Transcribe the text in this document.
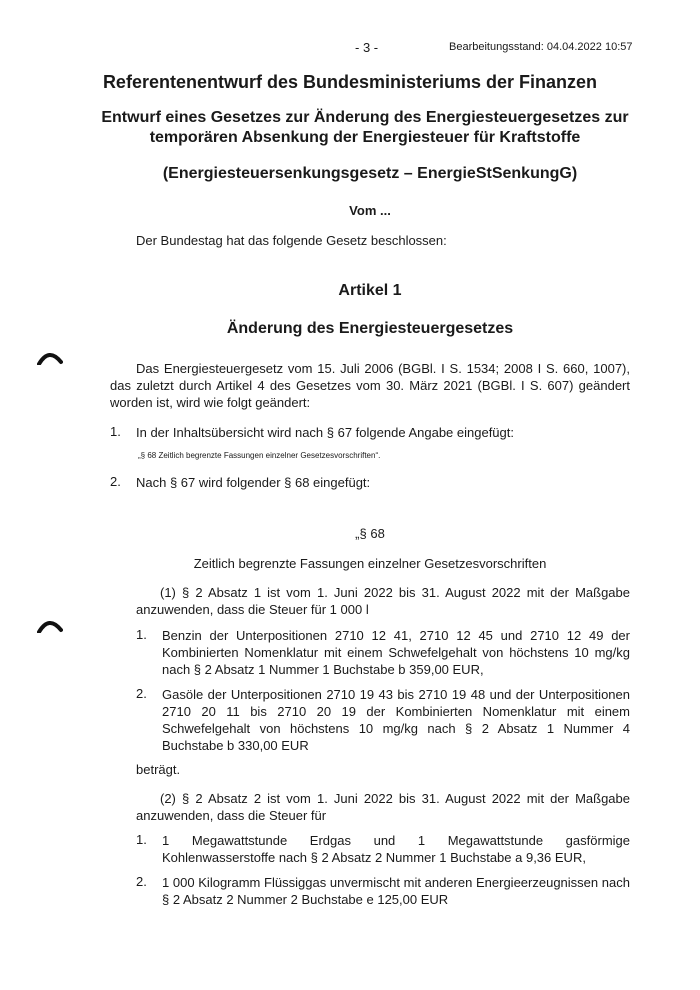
- 3 -	Bearbeitungsstand: 04.04.2022 10:57
Referentenentwurf des Bundesministeriums der Finanzen
Entwurf eines Gesetzes zur Änderung des Energiesteuergesetzes zur temporären Absenkung der Energiesteuer für Kraftstoffe
(Energiesteuersenkungsgesetz – EnergieStSenkungG)
Vom ...
Der Bundestag hat das folgende Gesetz beschlossen:
Artikel 1
Änderung des Energiesteuergesetzes
Das Energiesteuergesetz vom 15. Juli 2006 (BGBl. I S. 1534; 2008 I S. 660, 1007), das zuletzt durch Artikel 4 des Gesetzes vom 30. März 2021 (BGBl. I S. 607) geändert worden ist, wird wie folgt geändert:
1. In der Inhaltsübersicht wird nach § 67 folgende Angabe eingefügt:
„§ 68 Zeitlich begrenzte Fassungen einzelner Gesetzesvorschriften“.
2. Nach § 67 wird folgender § 68 eingefügt:
„§ 68
Zeitlich begrenzte Fassungen einzelner Gesetzesvorschriften
(1) § 2 Absatz 1 ist vom 1. Juni 2022 bis 31. August 2022 mit der Maßgabe anzuwenden, dass die Steuer für 1 000 l
1. Benzin der Unterpositionen 2710 12 41, 2710 12 45 und 2710 12 49 der Kombinierten Nomenklatur mit einem Schwefelgehalt von höchstens 10 mg/kg nach § 2 Absatz 1 Nummer 1 Buchstabe b 359,00 EUR,
2. Gasöle der Unterpositionen 2710 19 43 bis 2710 19 48 und der Unterpositionen 2710 20 11 bis 2710 20 19 der Kombinierten Nomenklatur mit einem Schwefelgehalt von höchstens 10 mg/kg nach § 2 Absatz 1 Nummer 4 Buchstabe b 330,00 EUR
beträgt.
(2) § 2 Absatz 2 ist vom 1. Juni 2022 bis 31. August 2022 mit der Maßgabe anzuwenden, dass die Steuer für
1. 1 Megawattstunde Erdgas und 1 Megawattstunde gasförmige Kohlenwasserstoffe nach § 2 Absatz 2 Nummer 1 Buchstabe a 9,36 EUR,
2. 1 000 Kilogramm Flüssiggas unvermischt mit anderen Energieerzeugnissen nach § 2 Absatz 2 Nummer 2 Buchstabe e 125,00 EUR
